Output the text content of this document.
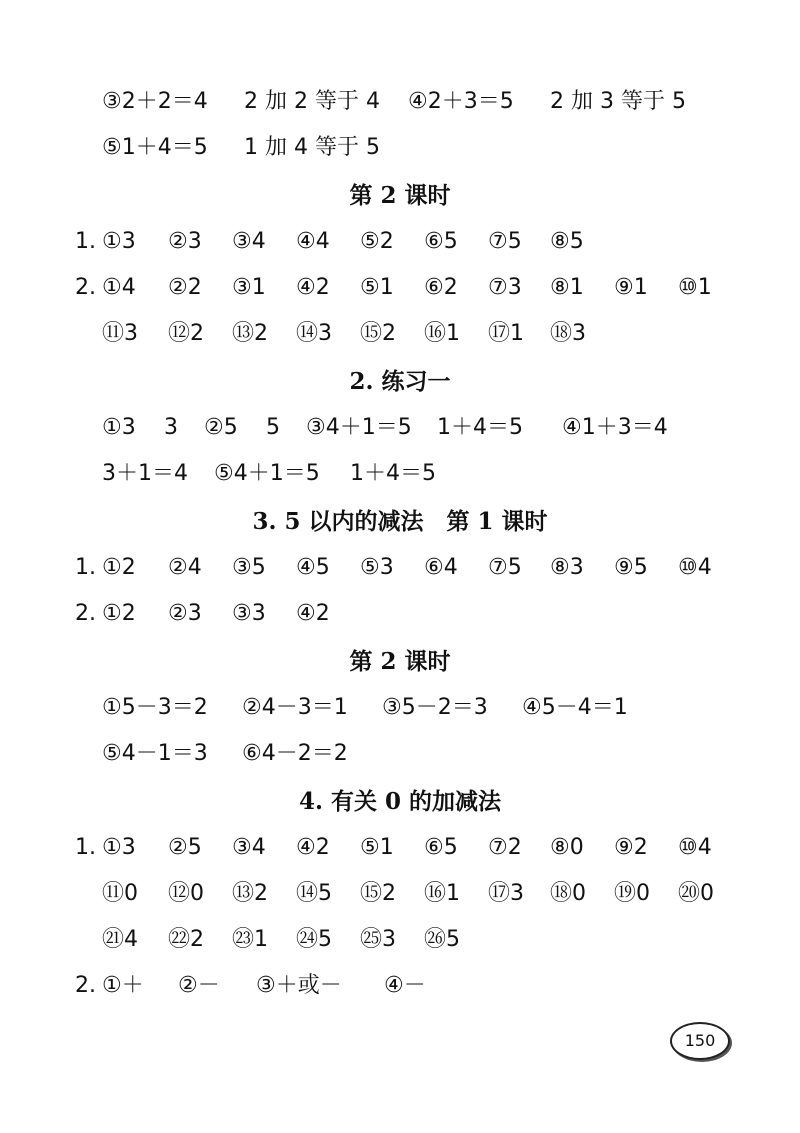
③2＋2＝4 2 加 2 等于 4 ④2＋3＝5 2 加 3 等于 5
⑤1＋4＝5 1 加 4 等于 5
第 2 课时
1. ①3 ②3 ③4 ④4 ⑤2 ⑥5 ⑦5 ⑧5
2. ①4 ②2 ③1 ④2 ⑤1 ⑥2 ⑦3 ⑧1 ⑨1 ⑩1
⑪3 ⑫2 ⑬2 ⑭3 ⑮2 ⑯1 ⑰1 ⑱3
2. 练习一
①3 3 ②5 5 ③4＋1＝5 1＋4＝5 ④1＋3＝4
3＋1＝4 ⑤4＋1＝5 1＋4＝5
3. 5 以内的减法　第 1 课时
1. ①2 ②4 ③5 ④5 ⑤3 ⑥4 ⑦5 ⑧3 ⑨5 ⑩4
2. ①2 ②3 ③3 ④2
第 2 课时
①5－3＝2 ②4－3＝1 ③5－2＝3 ④5－4＝1
⑤4－1＝3 ⑥4－2＝2
4. 有关 0 的加减法
1. ①3 ②5 ③4 ④2 ⑤1 ⑥5 ⑦2 ⑧0 ⑨2 ⑩4
⑪0 ⑫0 ⑬2 ⑭5 ⑮2 ⑯1 ⑰3 ⑱0 ⑲0 ⑳0
㉑4 ㉒2 ㉓1 ㉔5 ㉕3 ㉖5
2. ①＋ ②－ ③＋或－ ④－
150
